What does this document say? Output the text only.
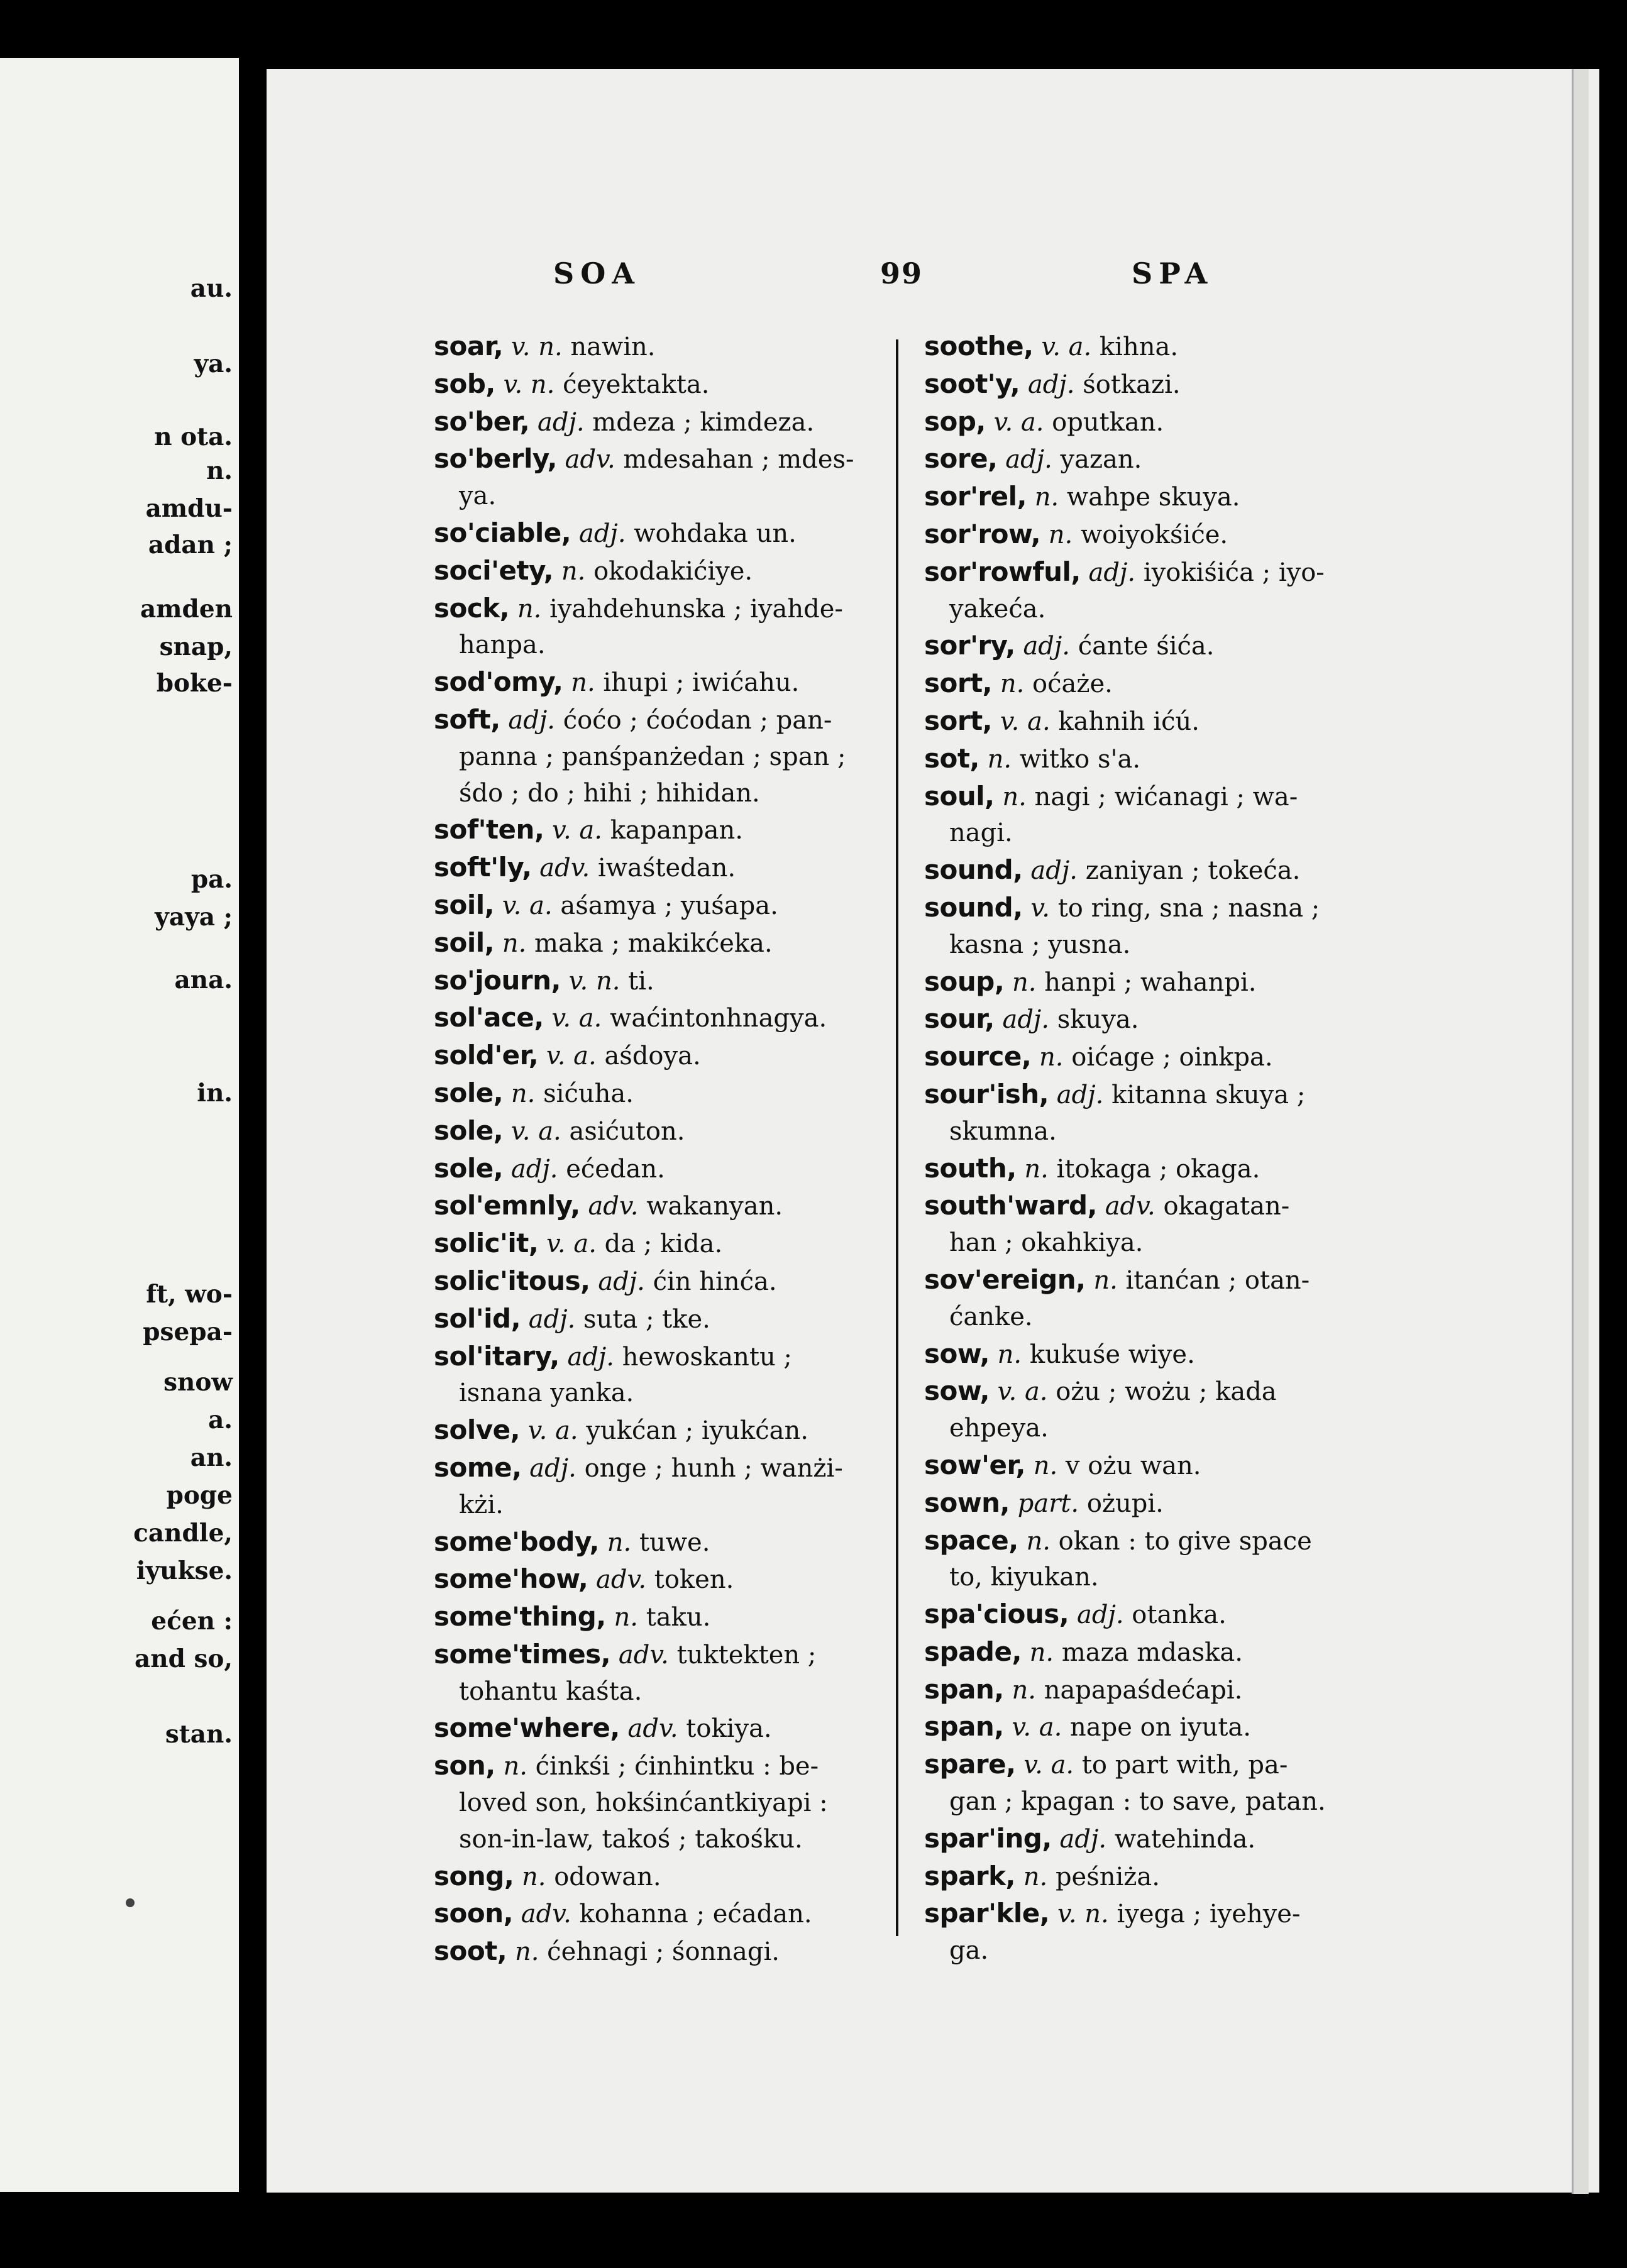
au.
ya.
n ota.
n.
amdu-
adan ;
amden
snap,
boke-
pa.
yaya ;
ana.
in.
ft, wo-
psepa-
snow
a.
an.
poge
candle,
iyukse.
ećen :
and so,
stan.
SOA	99	SPA
soar, v. n. nawin.
sob, v. n. ćeyektakta.
so'ber, adj. mdeza ; kimdeza.
so'berly, adv. mdesahan ; mdes-
ya.
so'ciable, adj. wohdaka un.
soci'ety, n. okodakićiye.
sock, n. iyahdehunska ; iyahde-
hanpa.
sod'omy, n. ihupi ; iwićahu.
soft, adj. ćoćo ; ćoćodan ; pan-
panna ; panśpanżedan ; span ;
śdo ; do ; hihi ; hihidan.
sof'ten, v. a. kapanpan.
soft'ly, adv. iwaśtedan.
soil, v. a. aśamya ; yuśapa.
soil, n. maka ; makikćeka.
so'journ, v. n. ti.
sol'ace, v. a. waćintonhnagya.
sold'er, v. a. aśdoya.
sole, n. sićuha.
sole, v. a. asićuton.
sole, adj. ećedan.
sol'emnly, adv. wakanyan.
solic'it, v. a. da ; kida.
solic'itous, adj. ćin hinća.
sol'id, adj. suta ; tke.
sol'itary, adj. hewoskantu ;
isnana yanka.
solve, v. a. yukćan ; iyukćan.
some, adj. onge ; hunh ; wanżi-
kżi.
some'body, n. tuwe.
some'how, adv. token.
some'thing, n. taku.
some'times, adv. tuktekten ;
tohantu kaśta.
some'where, adv. tokiya.
son, n. ćinkśi ; ćinhintku : be-
loved son, hokśinćantkiyapi :
son-in-law, takoś ; takośku.
song, n. odowan.
soon, adv. kohanna ; ećadan.
soot, n. ćehnagi ; śonnagi.
soothe, v. a. kihna.
soot'y, adj. śotkazi.
sop, v. a. oputkan.
sore, adj. yazan.
sor'rel, n. wahpe skuya.
sor'row, n. woiyokśiće.
sor'rowful, adj. iyokiśića ; iyo-
yakeća.
sor'ry, adj. ćante śića.
sort, n. oćaże.
sort, v. a. kahnih ićú.
sot, n. witko s'a.
soul, n. nagi ; wićanagi ; wa-
nagi.
sound, adj. zaniyan ; tokeća.
sound, v. to ring, sna ; nasna ;
kasna ; yusna.
soup, n. hanpi ; wahanpi.
sour, adj. skuya.
source, n. oićage ; oinkpa.
sour'ish, adj. kitanna skuya ;
skumna.
south, n. itokaga ; okaga.
south'ward, adv. okagatan-
han ; okahkiya.
sov'ereign, n. itanćan ; otan-
ćanke.
sow, n. kukuśe wiye.
sow, v. a. ożu ; wożu ; kada
ehpeya.
sow'er, n. v ożu wan.
sown, part. ożupi.
space, n. okan : to give space
to, kiyukan.
spa'cious, adj. otanka.
spade, n. maza mdaska.
span, n. napapaśdećapi.
span, v. a. nape on iyuta.
spare, v. a. to part with, pa-
gan ; kpagan : to save, patan.
spar'ing, adj. watehinda.
spark, n. peśniża.
spar'kle, v. n. iyega ; iyehye-
ga.
